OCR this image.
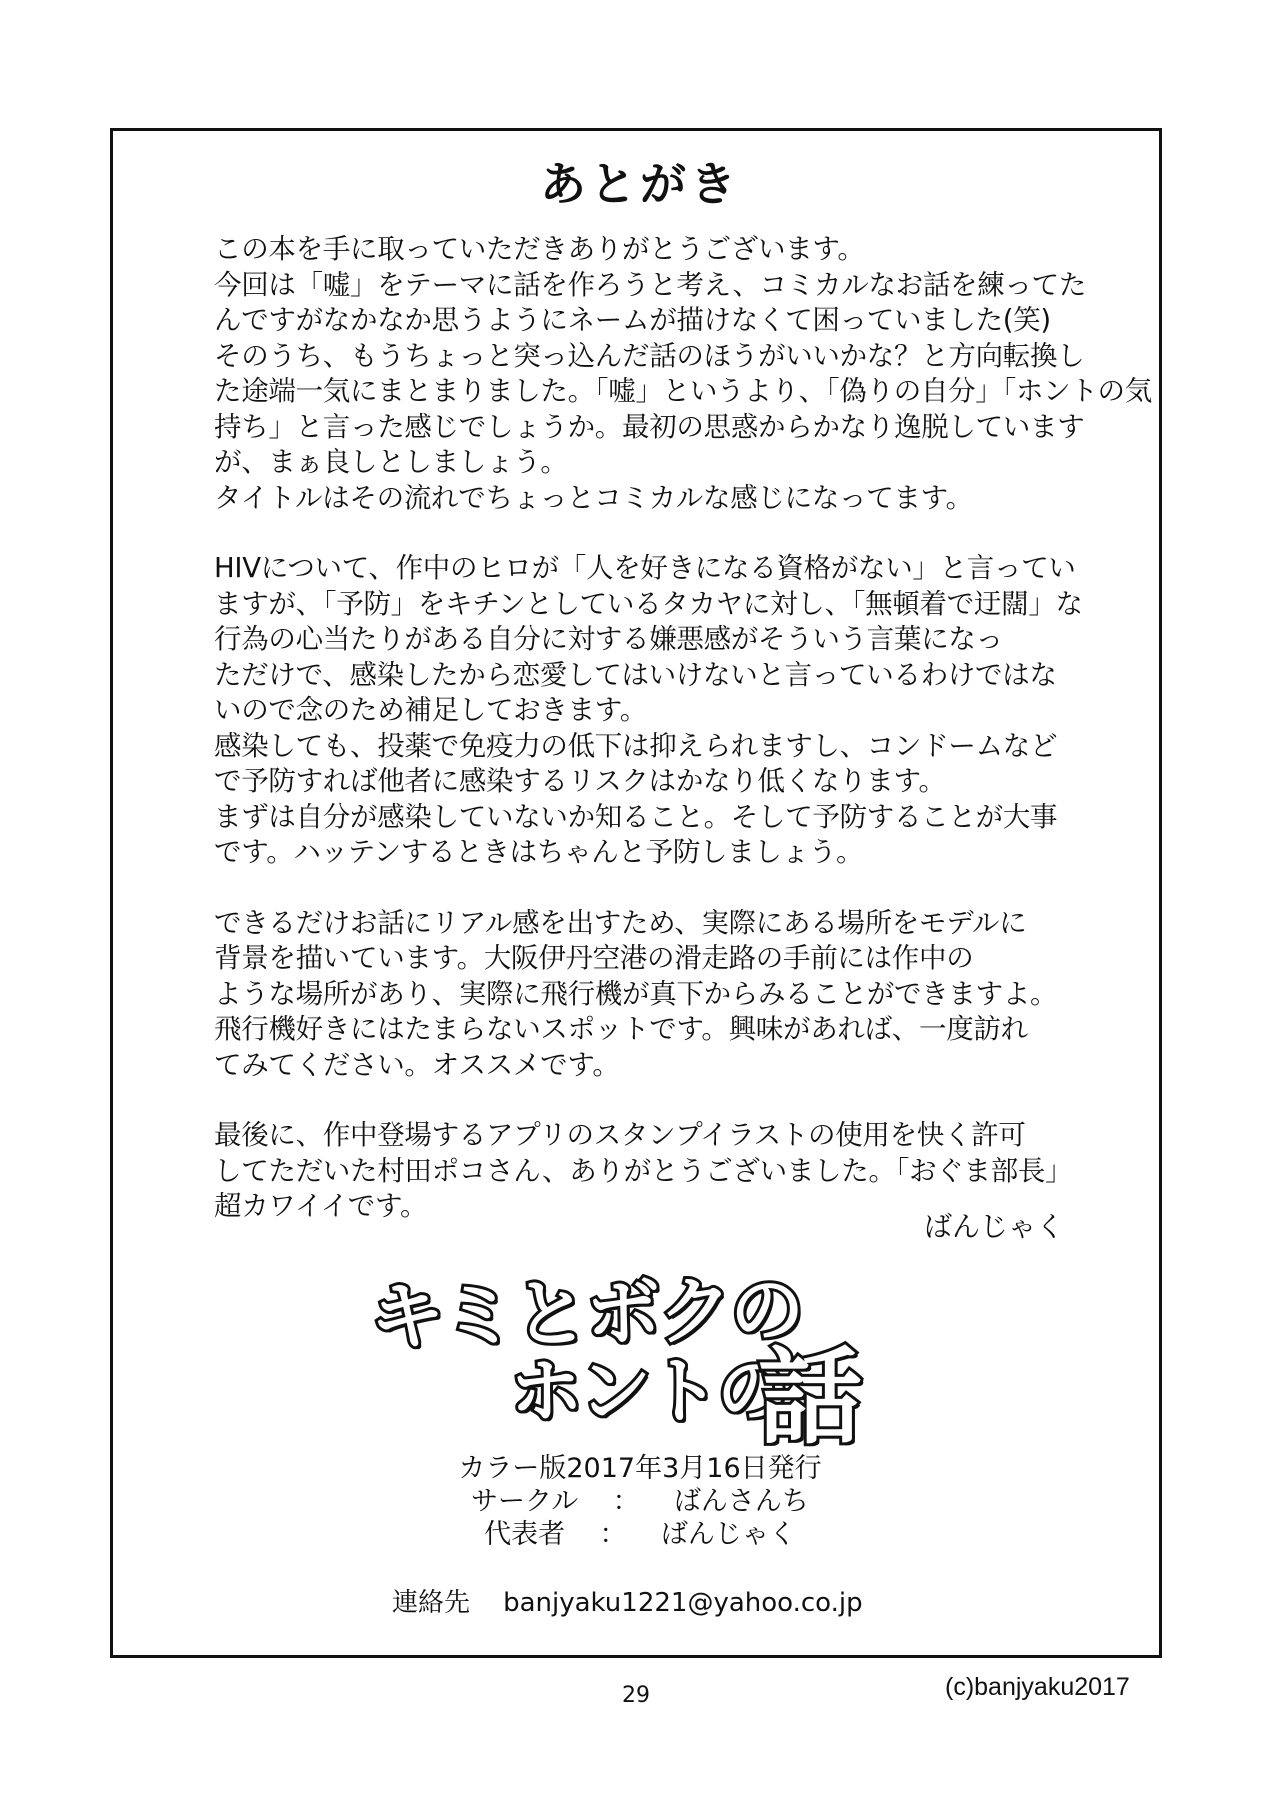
あとがき

この本を手に取っていただきありがとうございます。

今回は「嘘」をテーマに話を作ろうと考え、コミカルなお話を練ってた

んですがなかなか思うようにネームが描けなくて困っていました(笑)

そのうち、もうちょっと突っ込んだ話のほうがいいかな？と方向転換し

た途端一気にまとまりました。「嘘」というより、「偽りの自分」「ホントの気

持ち」と言った感じでしょうか。最初の思惑からかなり逸脱しています

が、まぁ良しとしましょう。

タイトルはその流れでちょっとコミカルな感じになってます。

HIVについて、作中のヒロが「人を好きになる資格がない」と言ってい

ますが、「予防」をキチンとしているタカヤに対し、「無頓着で迂闊」な

行為の心当たりがある自分に対する嫌悪感がそういう言葉になっ

ただけで、感染したから恋愛してはいけないと言っているわけではな

いので念のため補足しておきます。

感染しても、投薬で免疫力の低下は抑えられますし、コンドームなど

で予防すれば他者に感染するリスクはかなり低くなります。

まずは自分が感染していないか知ること。そして予防することが大事

です。ハッテンするときはちゃんと予防しましょう。

できるだけお話にリアル感を出すため、実際にある場所をモデルに

背景を描いています。大阪伊丹空港の滑走路の手前には作中の

ような場所があり、実際に飛行機が真下からみることができますよ。

飛行機好きにはたまらないスポットです。興味があれば、一度訪れ

てみてください。オススメです。

最後に、作中登場するアプリのスタンプイラストの使用を快く許可

してただいた村田ポコさん、ありがとうございました。「おぐま部長」

超カワイイです。

ばんじゃく
キミとボクの
ホントの
話
カラー版2017年3月16日発行
サークル ： ばんさんち
代表者 ： ばんじゃく
連絡先 banjyaku1221@yahoo.co.jp
29	(c)banjyaku2017
